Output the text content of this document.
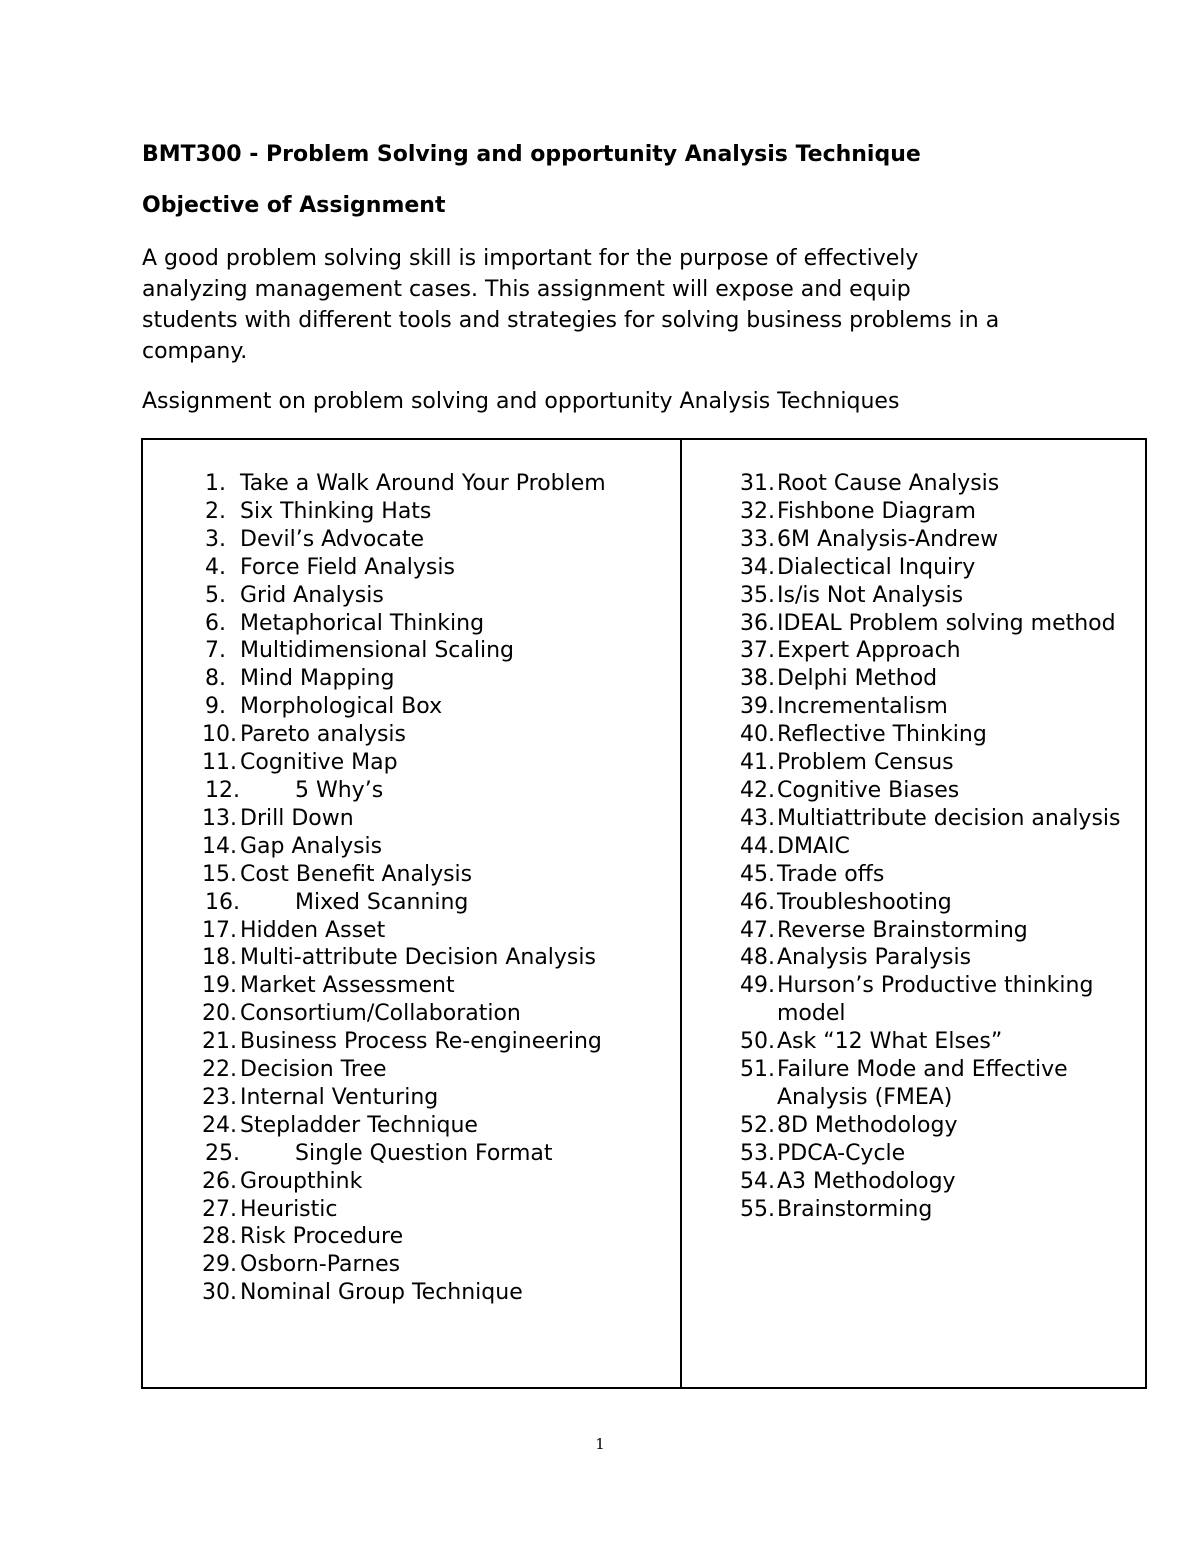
BMT300 - Problem Solving and opportunity Analysis Technique
Objective of Assignment

A good problem solving skill is important for the purpose of effectively
analyzing management cases. This assignment will expose and equip
students with different tools and strategies for solving business problems in a
company.

Assignment on problem solving and opportunity Analysis Techniques

1. Take a Walk Around Your Problem
2. Six Thinking Hats
3. Devil’s Advocate
4. Force Field Analysis
5. Grid Analysis
6. Metaphorical Thinking
7. Multidimensional Scaling
8. Mind Mapping
9. Morphological Box
10. Pareto analysis
11. Cognitive Map
12.	5 Why’s
13. Drill Down
14. Gap Analysis
15. Cost Benefit Analysis
16.	Mixed Scanning
17. Hidden Asset
18. Multi-attribute Decision Analysis
19. Market Assessment
20. Consortium/Collaboration
21. Business Process Re-engineering
22. Decision Tree
23. Internal Venturing
24. Stepladder Technique
25.	Single Question Format
26. Groupthink
27. Heuristic
28. Risk Procedure
29. Osborn-Parnes
30. Nominal Group Technique
31. Root Cause Analysis
32. Fishbone Diagram
33. 6M Analysis-Andrew
34. Dialectical Inquiry
35. Is/is Not Analysis
36. IDEAL Problem solving method
37. Expert Approach
38. Delphi Method
39. Incrementalism
40. Reflective Thinking
41. Problem Census
42. Cognitive Biases
43. Multiattribute decision analysis
44. DMAIC
45. Trade offs
46. Troubleshooting
47. Reverse Brainstorming
48. Analysis Paralysis
49. Hurson’s Productive thinking model
50. Ask “12 What Elses”
51. Failure Mode and Effective Analysis (FMEA)
52. 8D Methodology
53. PDCA-Cycle
54. A3 Methodology
55. Brainstorming
1
